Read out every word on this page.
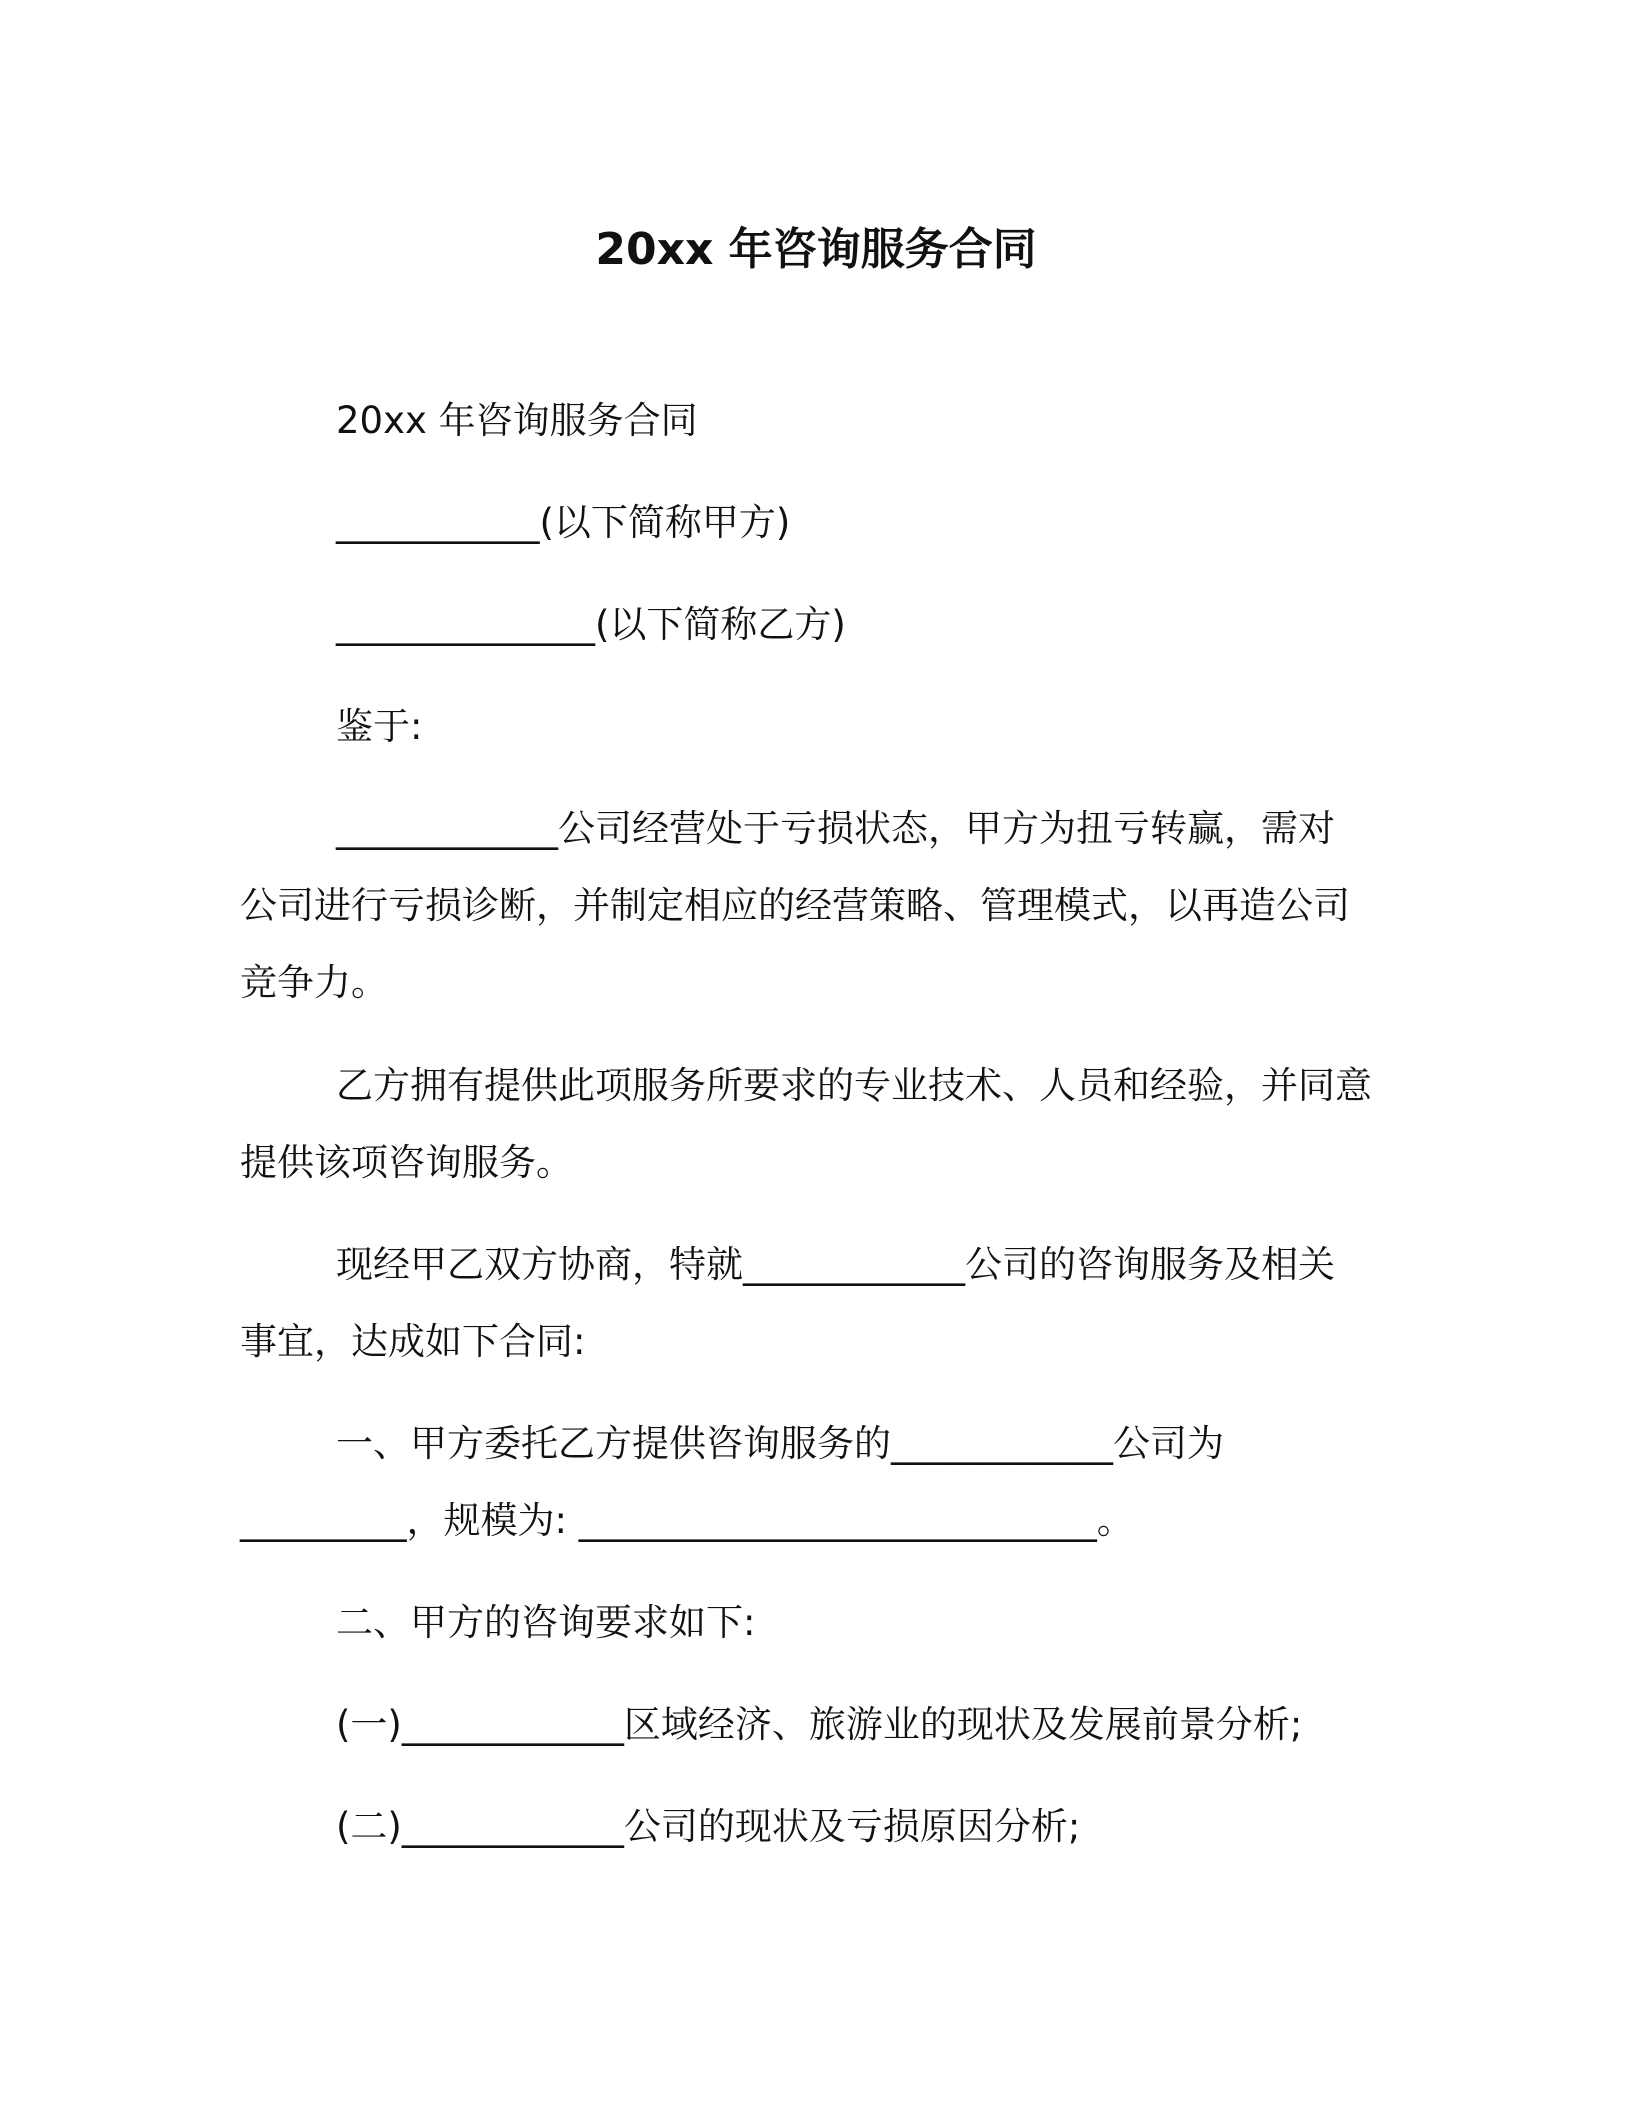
20xx 年咨询服务合同
20xx 年咨询服务合同
___________(以下简称甲方)
______________(以下简称乙方)
鉴于:
____________公司经营处于亏损状态，甲方为扭亏转赢，需对
公司进行亏损诊断，并制定相应的经营策略、管理模式，以再造公司
竞争力。
乙方拥有提供此项服务所要求的专业技术、人员和经验，并同意
提供该项咨询服务。
现经甲乙双方协商，特就____________公司的咨询服务及相关
事宜，达成如下合同:
一、甲方委托乙方提供咨询服务的____________公司为
_________，规模为: ____________________________。
二、甲方的咨询要求如下:
(一)____________区域经济、旅游业的现状及发展前景分析;
(二)____________公司的现状及亏损原因分析;
